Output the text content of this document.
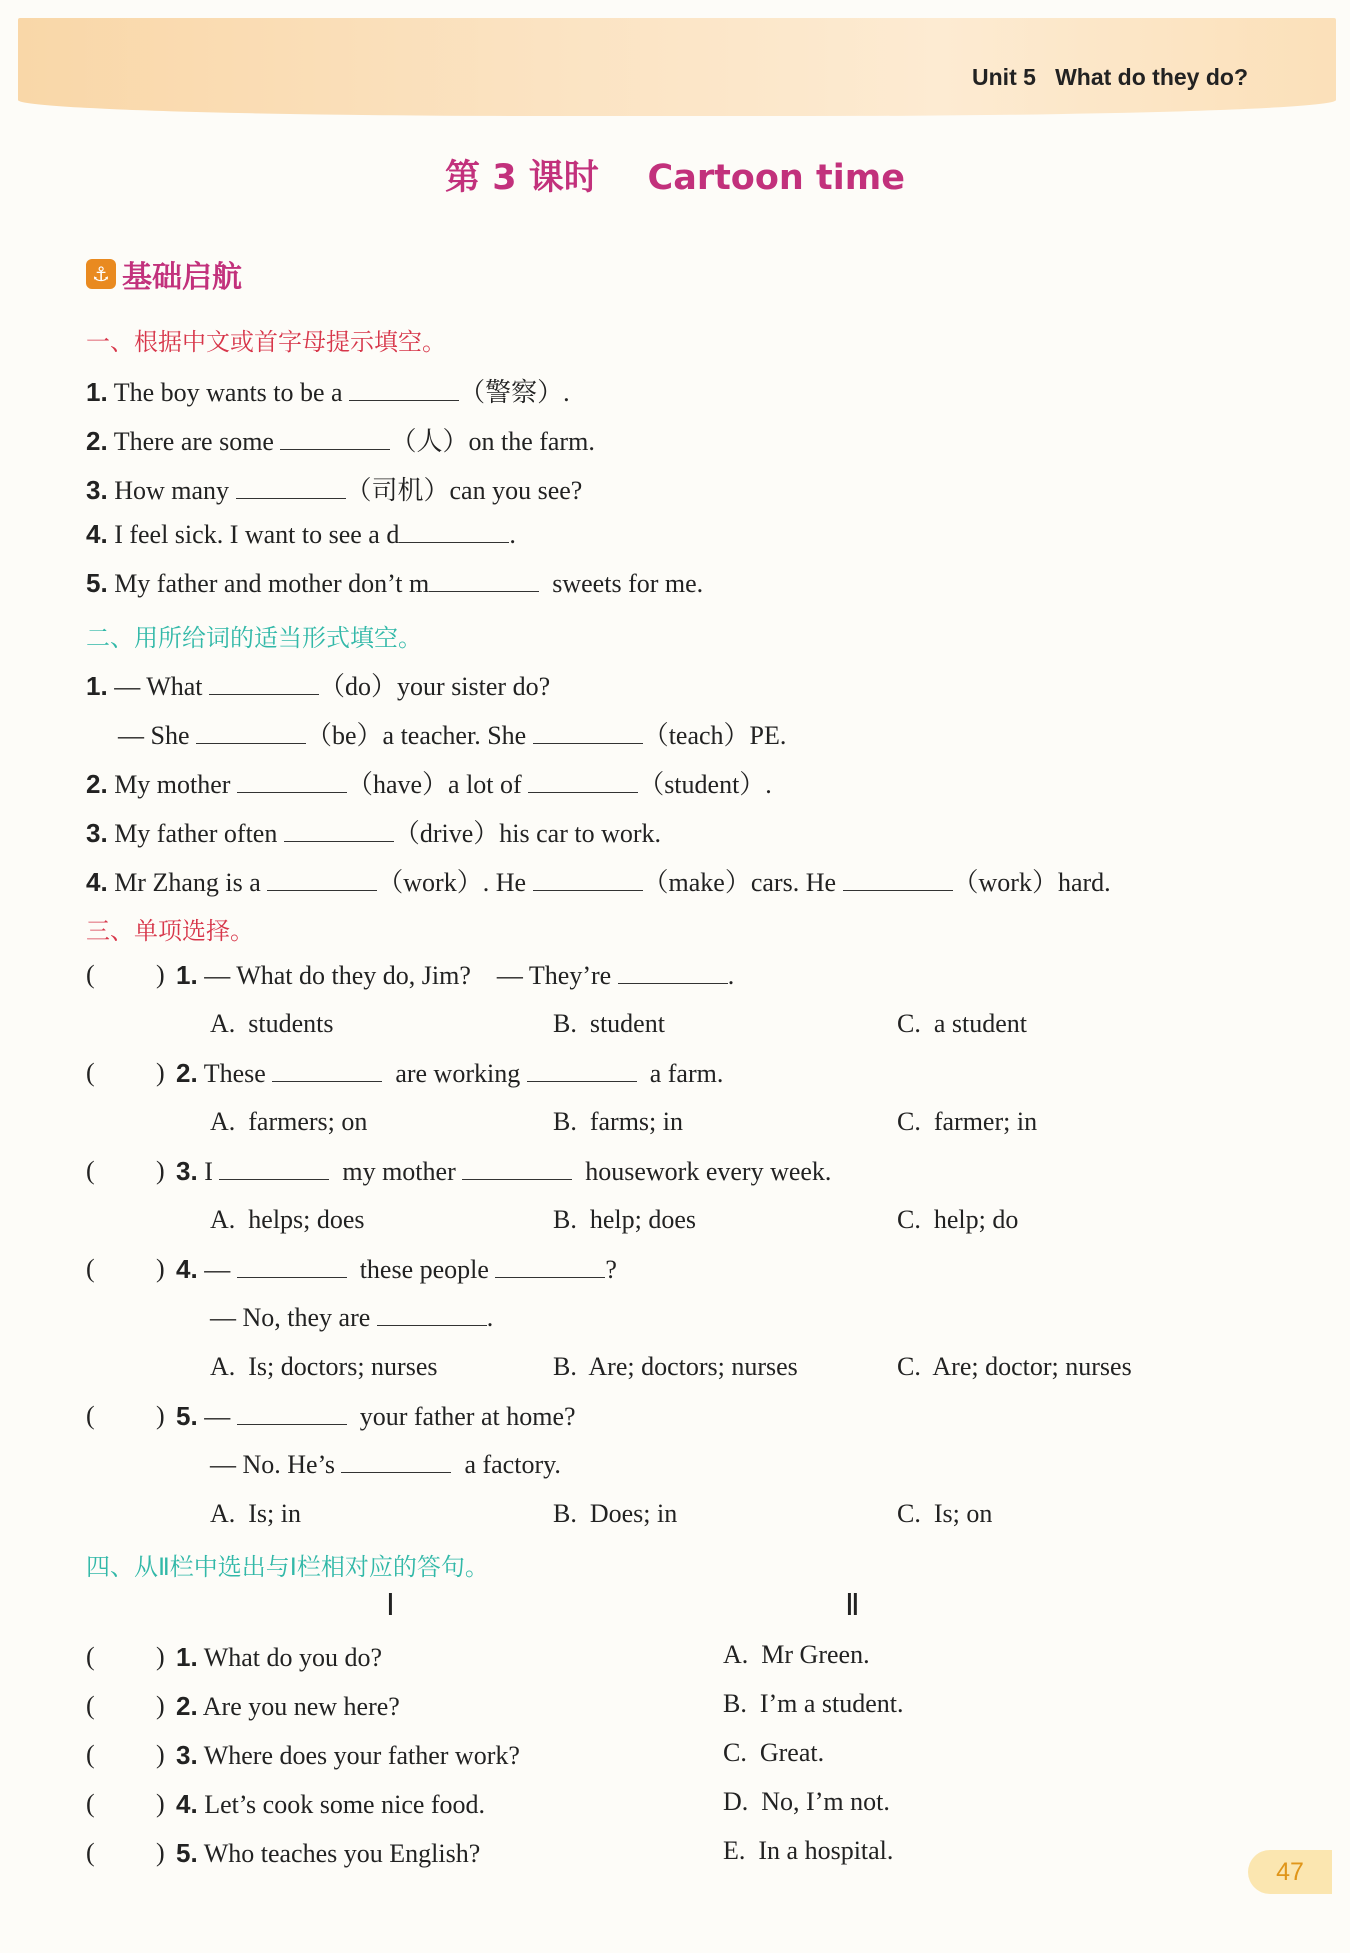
Unit 5 What do they do?
第 3 课时    Cartoon time
⚓ 基础启航
一、根据中文或首字母提示填空。
1. The boy wants to be a	（警察）.
2. There are some	（人）on the farm.
3. How many	（司机）can you see?
4. I feel sick. I want to see a d	.
5. My father and mother don’t m	sweets for me.
二、用所给词的适当形式填空。
1. — What	（do）your sister do?
— She	（be）a teacher. She	（teach）PE.
2. My mother	（have）a lot of	（student）.
3. My father often	（drive）his car to work.
4. Mr Zhang is a	（work）. He	（make）cars. He	（work）hard.
三、单项选择。
( ) 1. — What do they do, Jim?    — They’re	.
A.  students	B.  student	C.  a student
( ) 2. These	are working	a farm.
A.  farmers; on	B.  farms; in	C.  farmer; in
( ) 3. I	my mother	housework every week.
A.  helps; does	B.  help; does	C.  help; do
( ) 4. —	these people	?
— No, they are	.
A.  Is; doctors; nurses	B.  Are; doctors; nurses	C.  Are; doctor; nurses
( ) 5. —	your father at home?
— No. He’s	a factory.
A.  Is; in	B.  Does; in	C.  Is; on
四、从Ⅱ栏中选出与Ⅰ栏相对应的答句。
Ⅰ	Ⅱ
( ) 1. What do you do?	A.  Mr Green.
( ) 2. Are you new here?	B.  I’m a student.
( ) 3. Where does your father work?	C.  Great.
( ) 4. Let’s cook some nice food.	D.  No, I’m not.
( ) 5. Who teaches you English?	E.  In a hospital.
47
